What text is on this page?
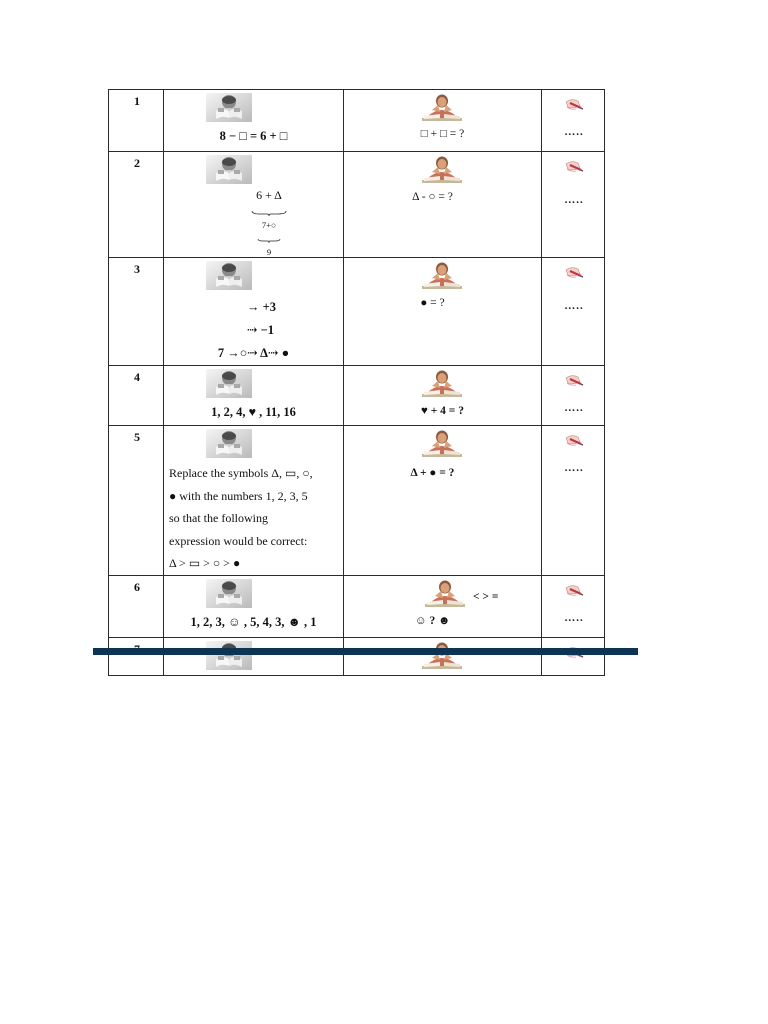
1	8 − □ = 6 + □	□ + □ = ?	…..

2	6 + Δ
7+○
9	Δ - ○ = ?	…..

3	→ +3
⇢ −1
7 →○⇢ Δ⇢ ●	● = ?	…..

4	1, 2, 4, ♥ , 11, 16	♥ + 4 = ?	…..

5	Replace the symbols Δ, ▭, ○,
● with the numbers 1, 2, 3, 5
so that the following
expression would be correct:
Δ > ▭ > ○ > ●	Δ + ● = ?	…..

6	1, 2, 3, ☺ , 5, 4, 3, ☻ , 1	< > =
☺ ? ☻	…..
